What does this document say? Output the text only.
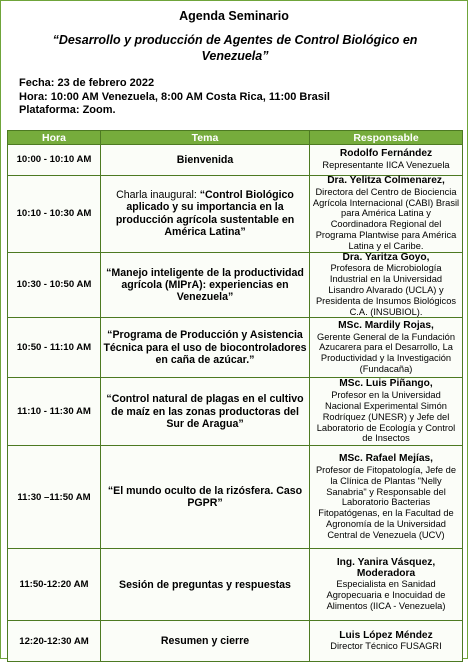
Agenda Seminario
“Desarrollo y producción de Agentes de Control Biológico en Venezuela”
Fecha: 23 de febrero 2022
Hora: 10:00 AM Venezuela, 8:00 AM Costa Rica, 11:00 Brasil
Plataforma: Zoom.
Hora	Tema	Responsable
10:00 - 10:10 AM	Bienvenida	Rodolfo Fernández
Representante IICA Venezuela
10:10 - 10:30 AM	Charla inaugural: “Control Biológico aplicado y su importancia en la producción agrícola sustentable en América Latina”	Dra. Yelitza Colmenarez,
Directora del Centro de Biociencia Agrícola Internacional (CABI) Brasil para América Latina y Coordinadora Regional del Programa Plantwise para América Latina y el Caribe.
10:30 - 10:50 AM	“Manejo inteligente de la productividad agrícola (MIPrA): experiencias en Venezuela”	Dra. Yaritza Goyo,
Profesora de Microbiología Industrial en la Universidad Lisandro Alvarado (UCLA) y Presidenta de Insumos Biológicos C.A. (INSUBIOL).
10:50 - 11:10 AM	“Programa de Producción y Asistencia Técnica para el uso de biocontroladores en caña de azúcar.”	MSc. Mardily Rojas,
Gerente General de la Fundación Azucarera para el Desarrollo, La Productividad y la Investigación (Fundacaña)
11:10 - 11:30 AM	“Control natural de plagas en el cultivo de maíz en las zonas productoras del Sur de Aragua”	MSc. Luis Piñango,
Profesor en la Universidad Nacional Experimental Simón Rodríquez (UNESR) y Jefe del Laboratorio de Ecología y Control de Insectos
11:30 –11:50 AM	“El mundo oculto de la rizósfera. Caso PGPR”	MSc. Rafael Mejías,
Profesor de Fitopatología, Jefe de la Clínica de Plantas "Nelly Sanabria" y Responsable del Laboratorio Bacterias Fitopatógenas, en la Facultad de Agronomía de la Universidad Central de Venezuela (UCV)
11:50-12:20 AM	Sesión de preguntas y respuestas	Ing. Yanira Vásquez, Moderadora
Especialista en Sanidad Agropecuaria e Inocuidad de Alimentos (IICA - Venezuela)
12:20-12:30 AM	Resumen y cierre	Luis López Méndez
Director Técnico FUSAGRI
